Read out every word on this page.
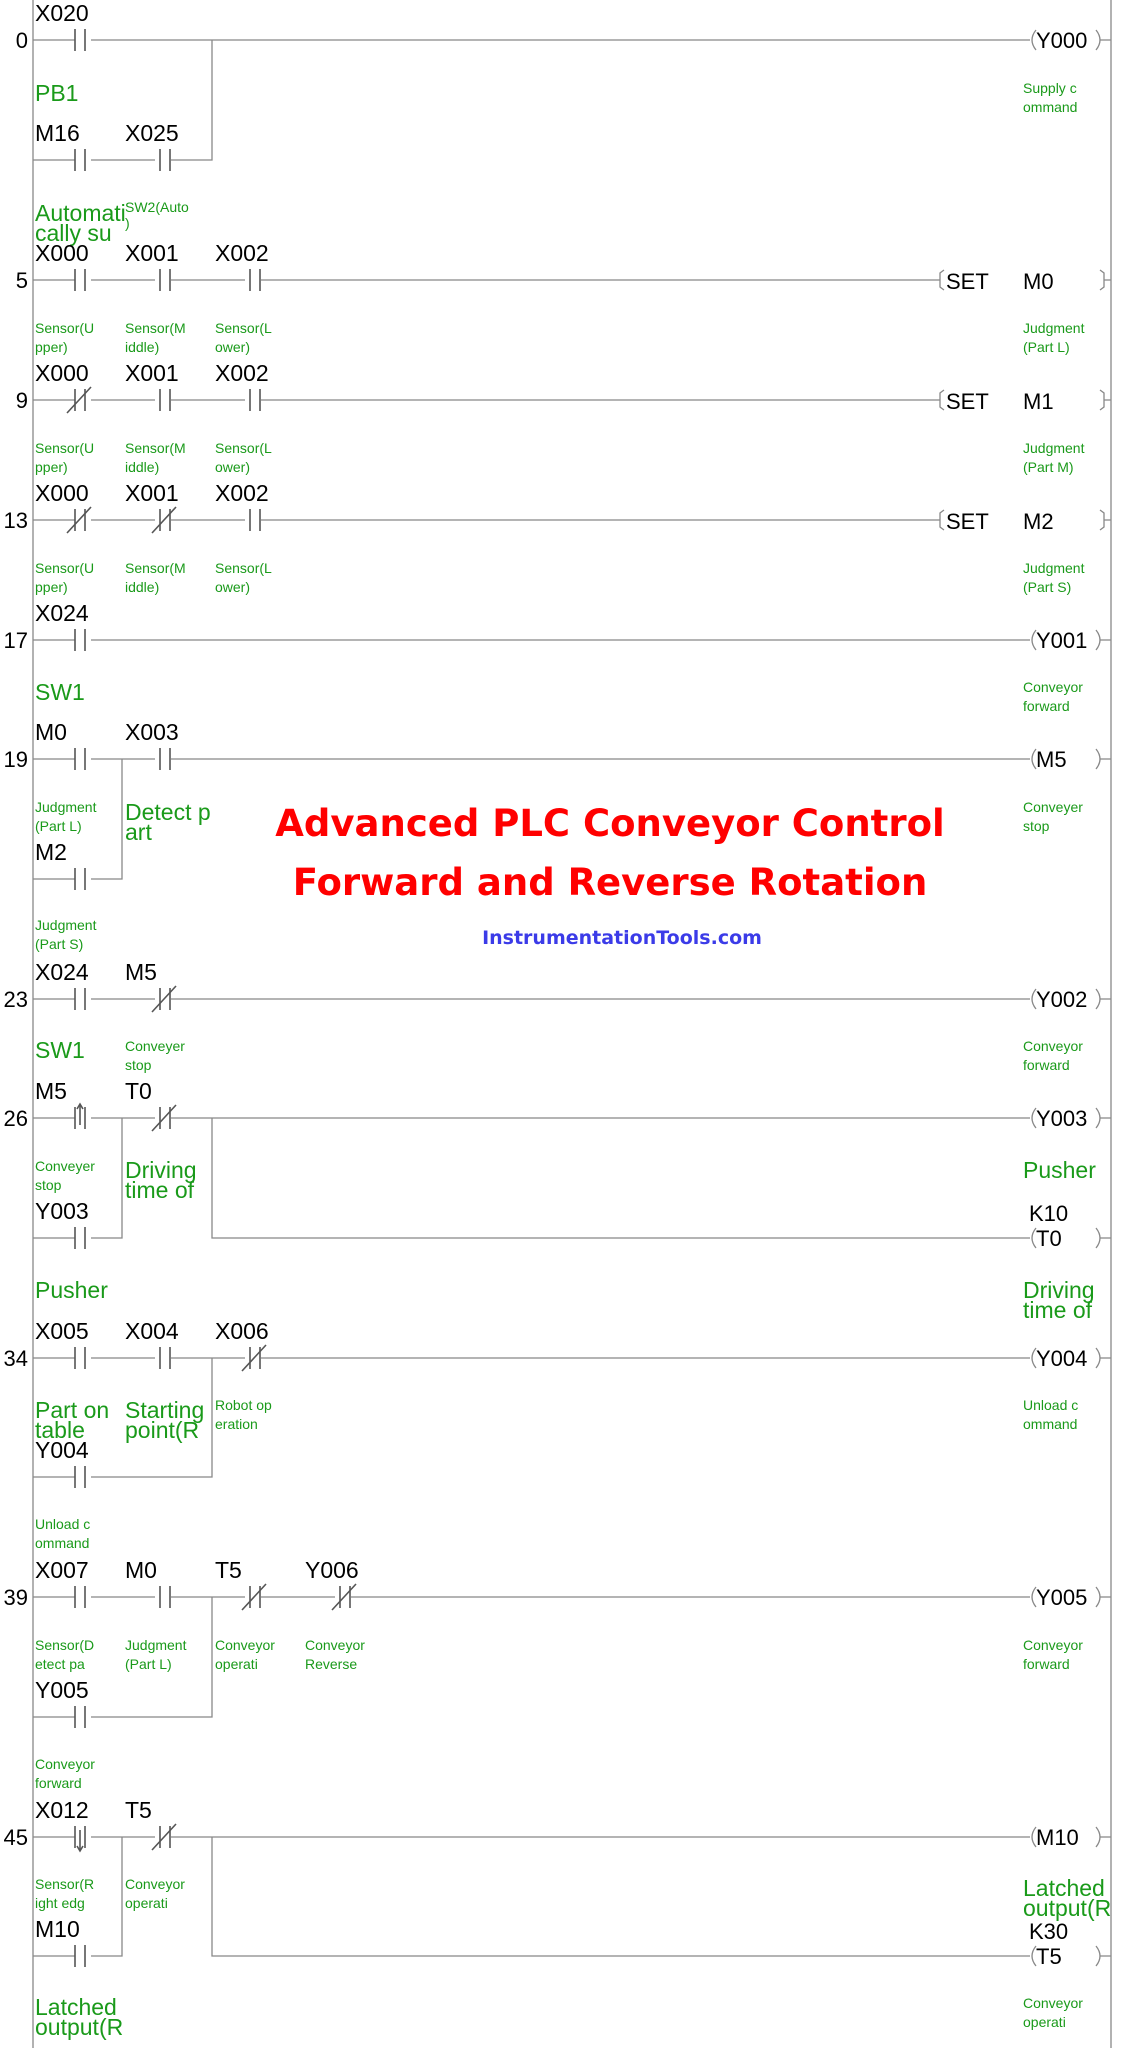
0
5
9
13
17
19
23
26
34
39
45
X020
PB1
M16 X025
Automati
cally su
SW2(Auto
)
Y000
Supply c
ommand
X000 X001 X002
Sensor(U
pper)
Sensor(M
iddle)
Sensor(L
ower)
SET M0
Judgment
(Part L)
X000 X001 X002
Sensor(U
pper)
Sensor(M
iddle)
Sensor(L
ower)
SET M1
Judgment
(Part M)
X000 X001 X002
Sensor(U
pper)
Sensor(M
iddle)
Sensor(L
ower)
SET M2
Judgment
(Part S)
X024
SW1
Y001
Conveyor
forward
M0	X003
Judgment
(Part L)
Detect p
art
M2
Judgment
(Part S)
M5
Conveyer
stop
X024 M5
SW1	Conveyer
stop
Y002
Conveyor
forward
M5	T0
Conveyer
stop
Driving
time of
Y003
Pusher
Y003
Pusher
K10
T0
Driving
time of
X005 X004 X006
Part on
table
Starting
point(R
Robot op
eration
Y004
Unload c
ommand
Y004
Unload c
ommand
X007 M0	T5	Y006
Sensor(D
etect pa
Judgment
(Part L)
Conveyor
operati
Conveyor
Reverse
Y005
Conveyor
forward
Y005
Conveyor
forward
X012 T5
Sensor(R
ight edg
Conveyor
operati
M10
Latched
output(R
M10
Latched
output(R
K30
T5
Conveyor
operati
Advanced PLC Conveyor Control
Forward and Reverse Rotation
InstrumentationTools.com
